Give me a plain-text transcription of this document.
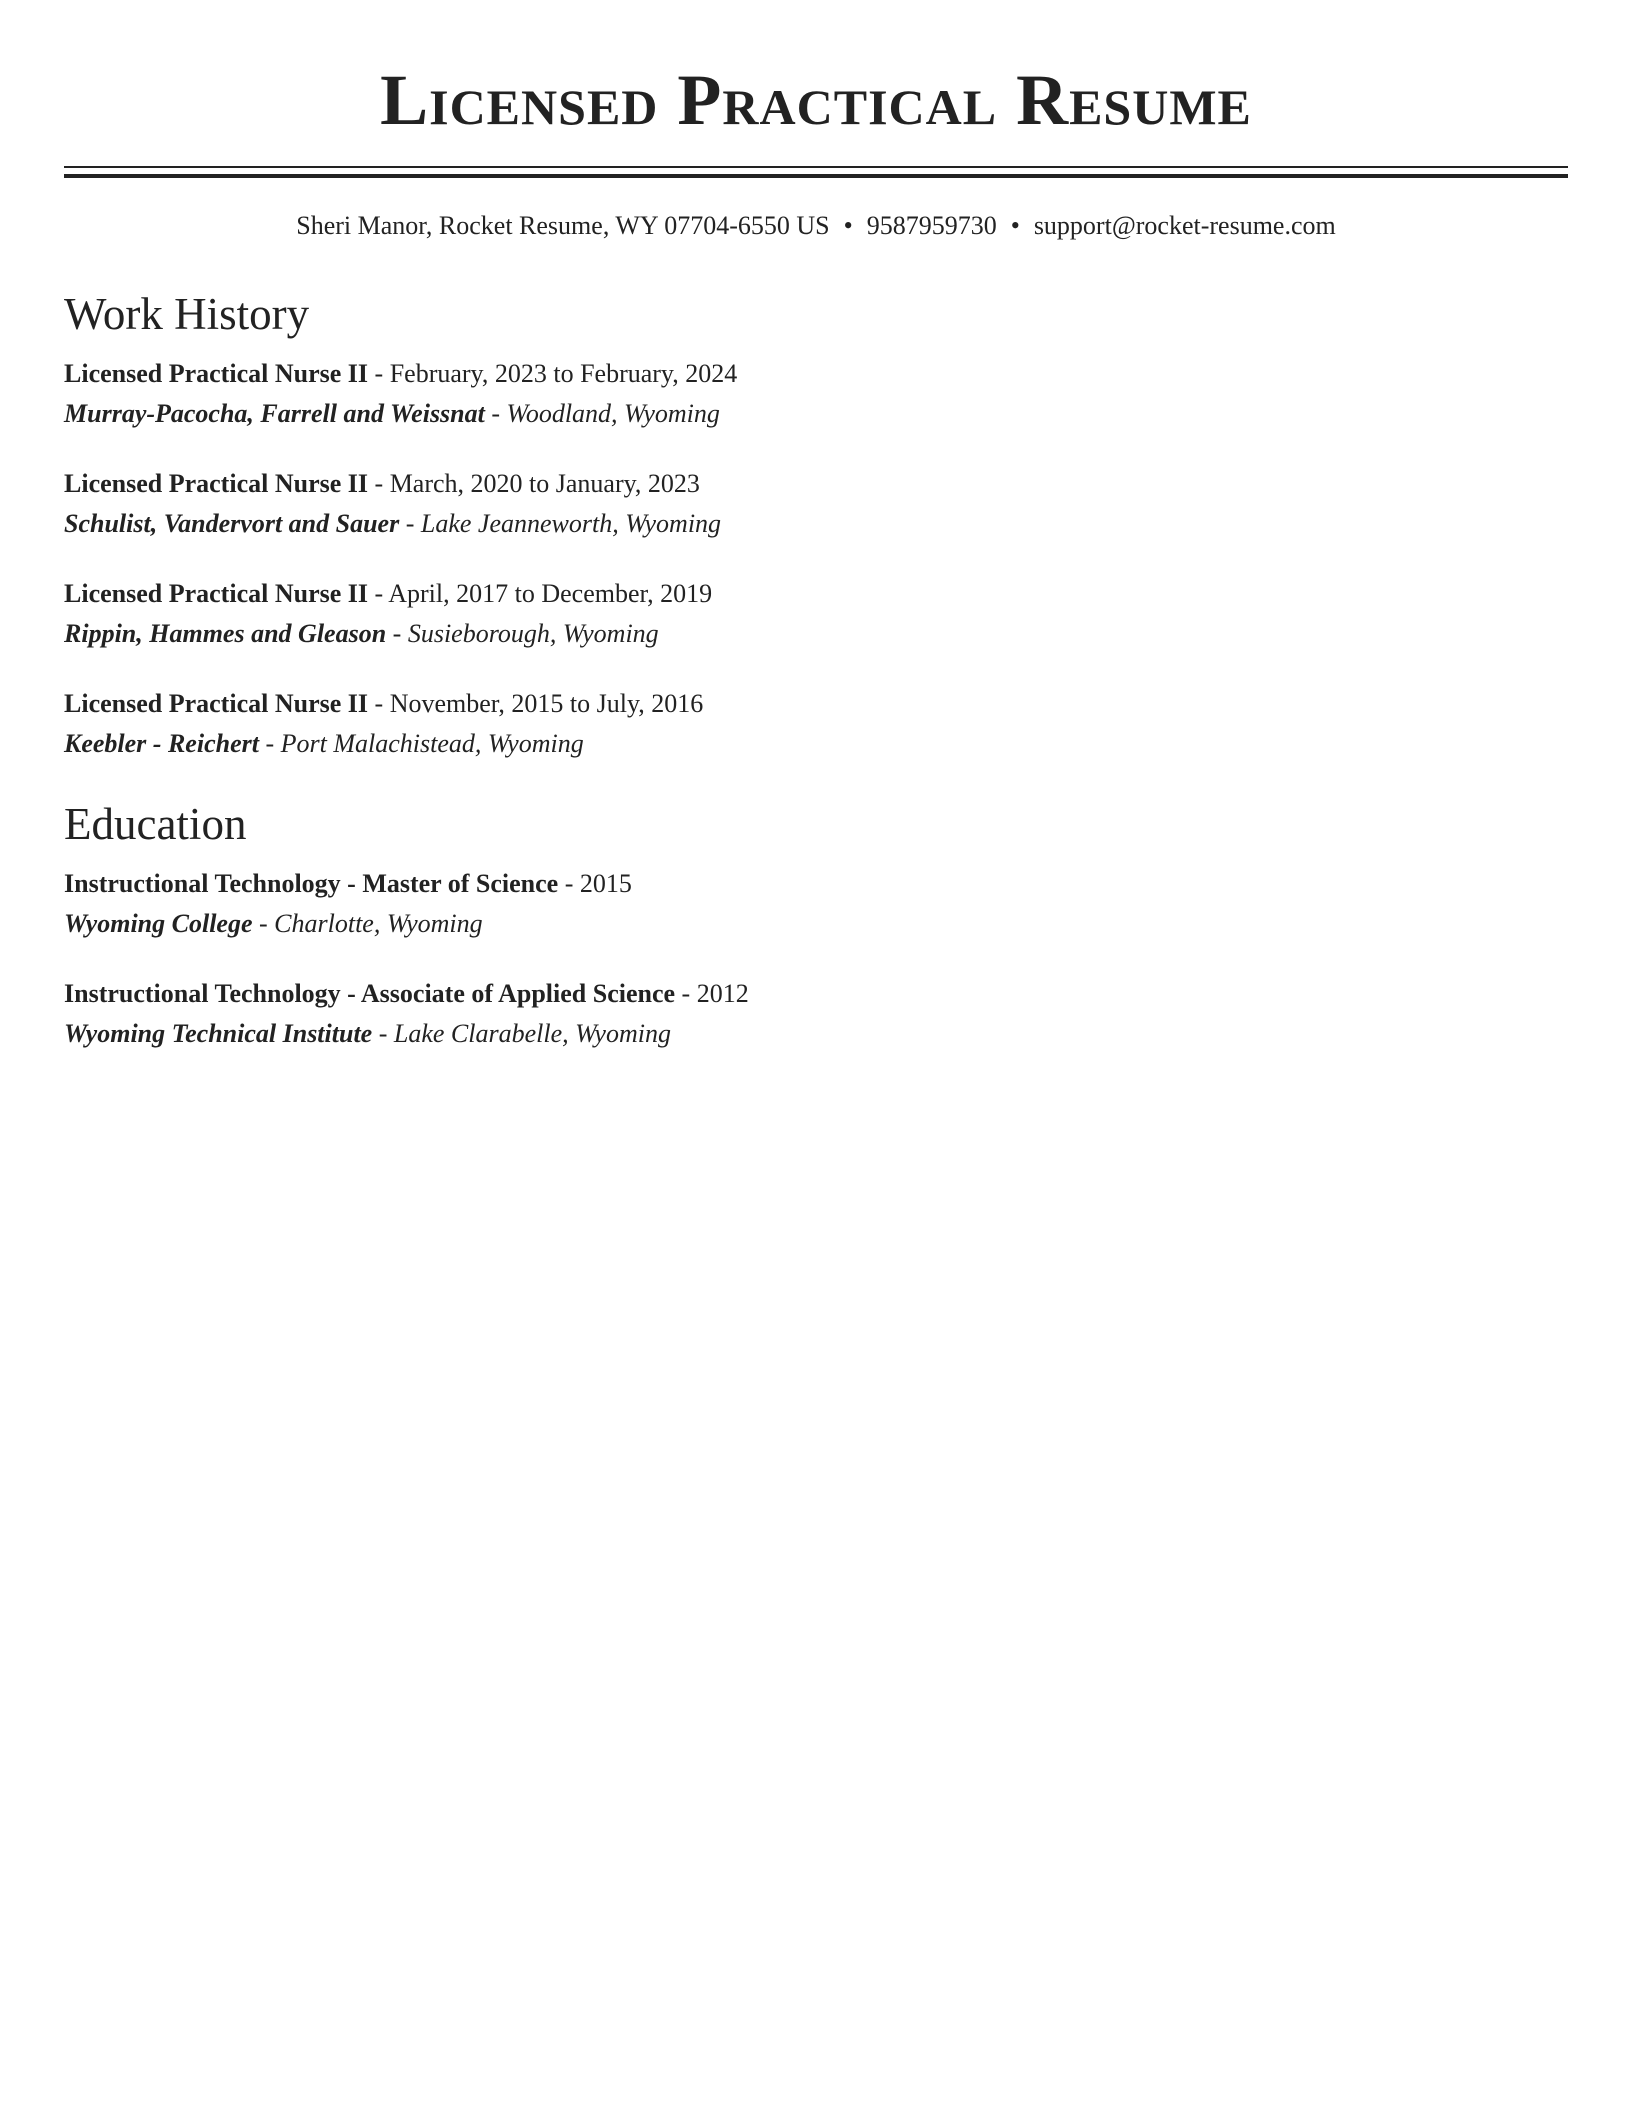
Licensed Practical Resume
Sheri Manor, Rocket Resume, WY 07704-6550 US • 9587959730 • support@rocket-resume.com
Work History
Licensed Practical Nurse II - February, 2023 to February, 2024
Murray-Pacocha, Farrell and Weissnat - Woodland, Wyoming
Licensed Practical Nurse II - March, 2020 to January, 2023
Schulist, Vandervort and Sauer - Lake Jeanneworth, Wyoming
Licensed Practical Nurse II - April, 2017 to December, 2019
Rippin, Hammes and Gleason - Susieborough, Wyoming
Licensed Practical Nurse II - November, 2015 to July, 2016
Keebler - Reichert - Port Malachistead, Wyoming
Education
Instructional Technology - Master of Science - 2015
Wyoming College - Charlotte, Wyoming
Instructional Technology - Associate of Applied Science - 2012
Wyoming Technical Institute - Lake Clarabelle, Wyoming
